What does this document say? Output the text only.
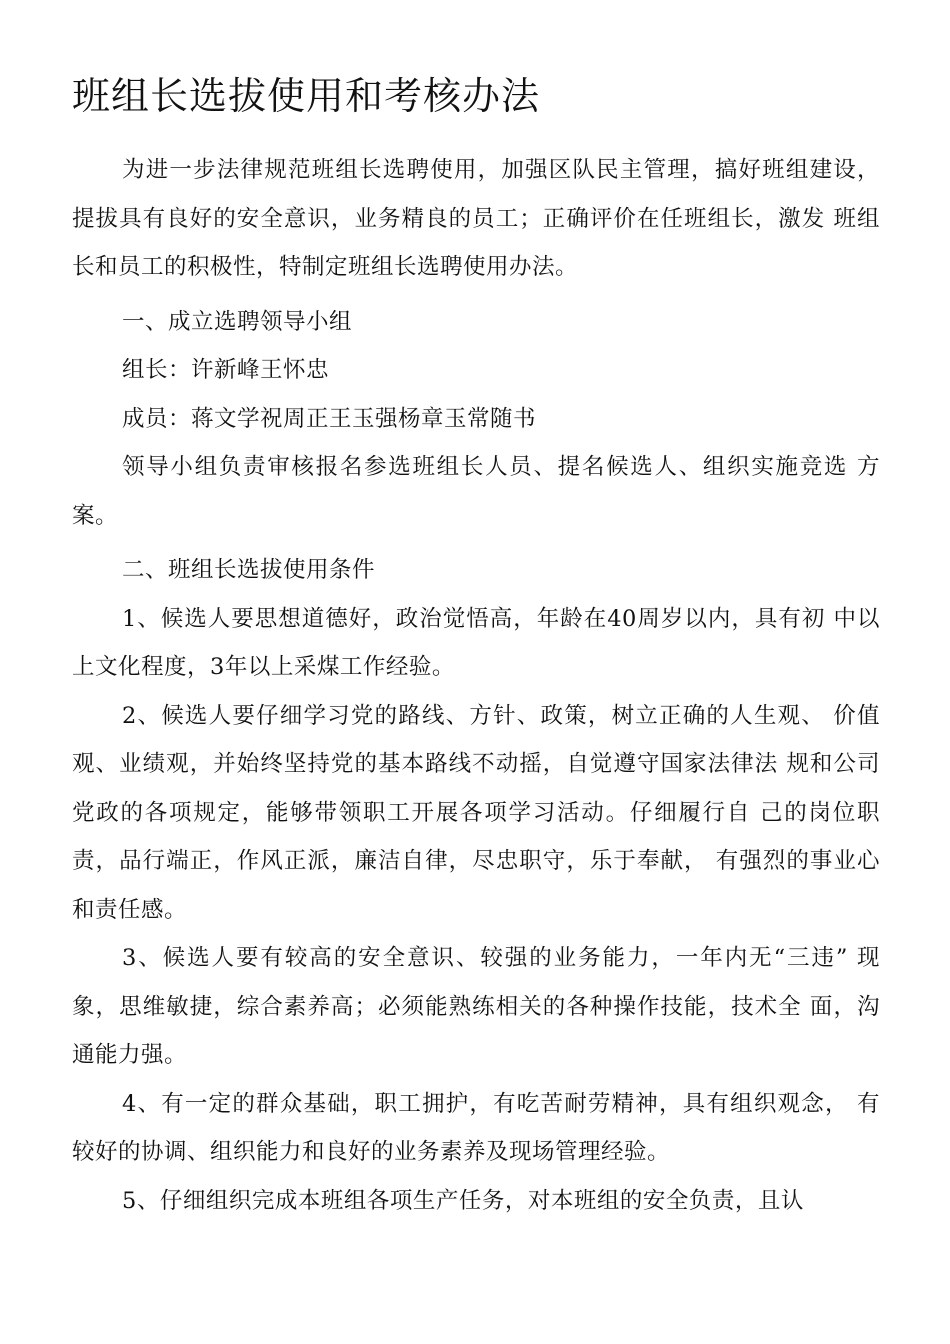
班组长选拔使用和考核办法

为进一步法律规范班组长选聘使用，加强区队民主管理，搞好班组建设，提拔具有良好的安全意识，业务精良的员工；正确评价在任班组长，激发 班组长和员工的积极性，特制定班组长选聘使用办法。

一、成立选聘领导小组

组长：许新峰王怀忠

成员：蒋文学祝周正王玉强杨章玉常随书

领导小组负责审核报名参选班组长人员、提名候选人、组织实施竞选 方案。

二、班组长选拔使用条件

1、候选人要思想道德好，政治觉悟高，年龄在40周岁以内，具有初 中以上文化程度，3年以上采煤工作经验。

2、候选人要仔细学习党的路线、方针、政策，树立正确的人生观、 价值观、业绩观，并始终坚持党的基本路线不动摇，自觉遵守国家法律法 规和公司党政的各项规定，能够带领职工开展各项学习活动。仔细履行自 己的岗位职责，品行端正，作风正派，廉洁自律，尽忠职守，乐于奉献， 有强烈的事业心和责任感。

3、候选人要有较高的安全意识、较强的业务能力，一年内无“三违” 现象，思维敏捷，综合素养高；必须能熟练相关的各种操作技能，技术全 面，沟通能力强。

4、有一定的群众基础，职工拥护，有吃苦耐劳精神，具有组织观念， 有较好的协调、组织能力和良好的业务素养及现场管理经验。

5、仔细组织完成本班组各项生产任务，对本班组的安全负责，且认
